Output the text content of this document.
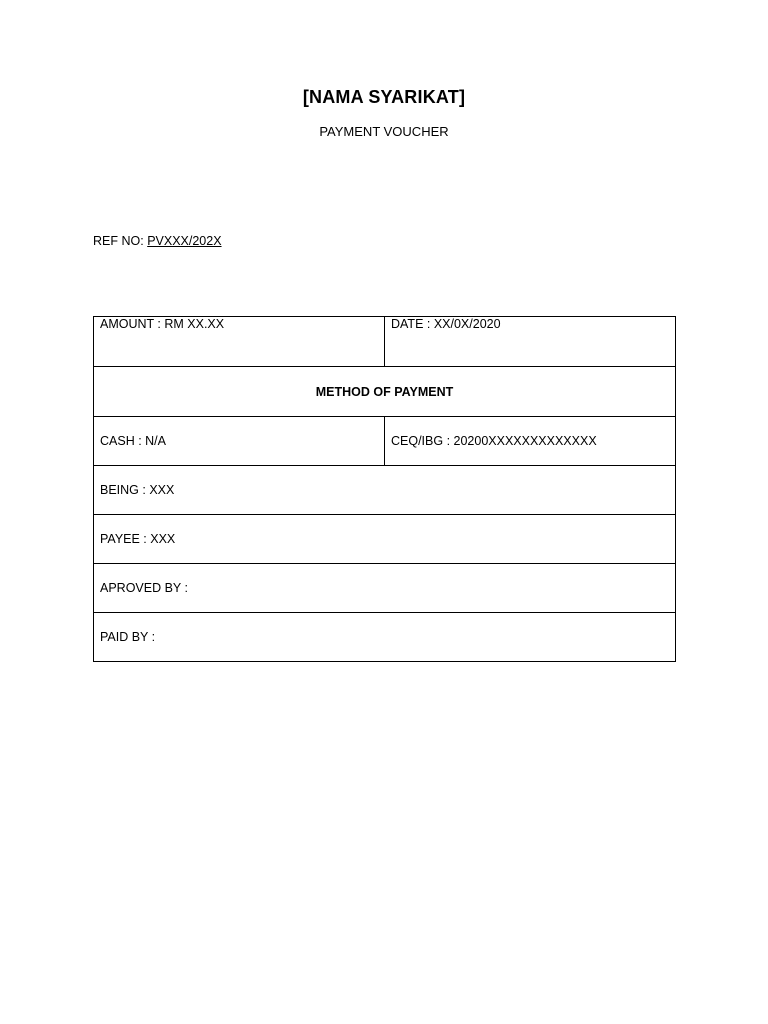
[NAMA SYARIKAT]
PAYMENT VOUCHER
REF NO: PVXXX/202X
AMOUNT : RM XX.XX	DATE : XX/0X/2020
METHOD OF PAYMENT	
CASH : N/A	CEQ/IBG : 20200XXXXXXXXXXXXX
BEING : XXX	
PAYEE : XXX	
APROVED BY :	
PAID BY :	
